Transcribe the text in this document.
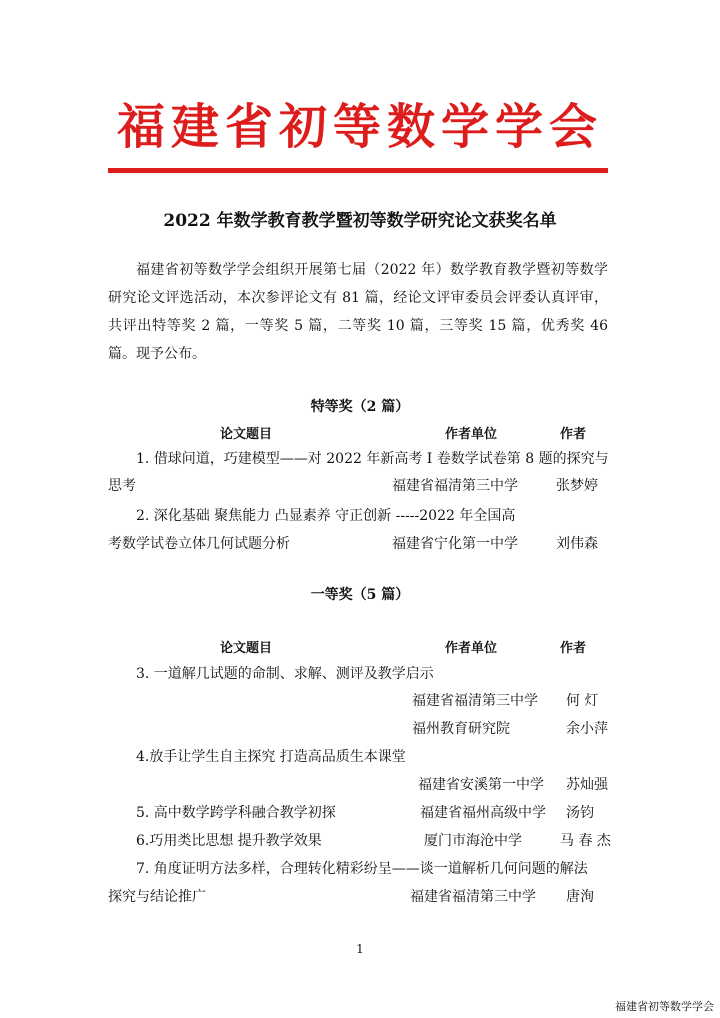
福建省初等数学学会
2022 年数学教育教学暨初等数学研究论文获奖名单

福建省初等数学学会组织开展第七届（2022 年）数学教育教学暨初等数学研究论文评选活动，本次参评论文有 81 篇，经论文评审委员会评委认真评审，共评出特等奖 2 篇，一等奖 5 篇，二等奖 10 篇，三等奖 15 篇，优秀奖 46 篇。现予公布。

特等奖（2 篇）
论文题目	作者单位	作者
1. 借球问道，巧建模型——对 2022 年新高考 I 卷数学试卷第 8 题的探究与
思考	福建省福清第三中学	张梦婷
2. 深化基础 聚焦能力 凸显素养 守正创新 -----2022 年全国高
考数学试卷立体几何试题分析	福建省宁化第一中学	刘伟森
一等奖（5 篇）
论文题目	作者单位	作者
3. 一道解几试题的命制、求解、测评及教学启示
福建省福清第三中学 何 灯
福州教育研究院	余小萍
4.放手让学生自主探究 打造高品质生本课堂
福建省安溪第一中学 苏灿强
5. 高中数学跨学科融合教学初探	福建省福州高级中学 汤钧
6.巧用类比思想 提升教学效果	厦门市海沧中学	马 春 杰
7. 角度证明方法多样，合理转化精彩纷呈——谈一道解析几何问题的解法
探究与结论推广	福建省福清第三中学 唐洵
1
福建省初等数学学会
